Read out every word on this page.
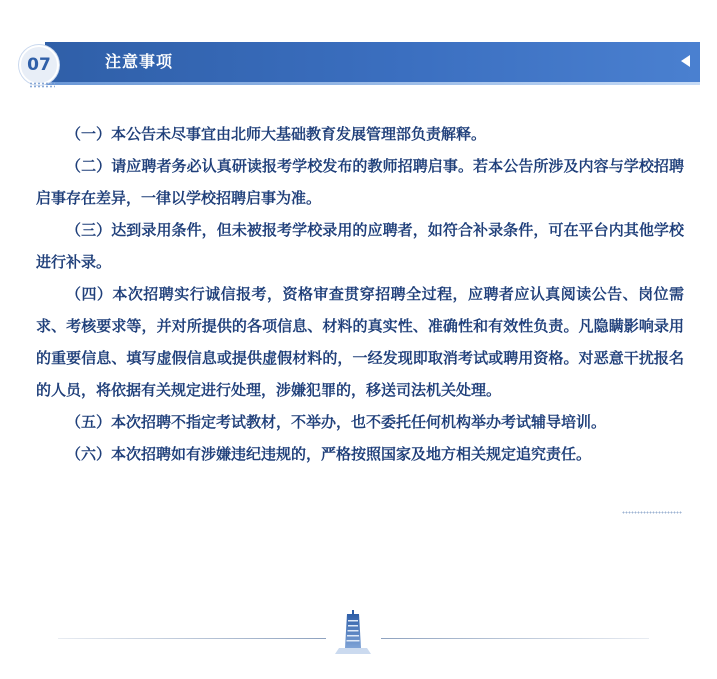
注意事项
07

（一）本公告未尽事宜由北师大基础教育发展管理部负责解释。

（二）请应聘者务必认真研读报考学校发布的教师招聘启事。若本公告所涉及内容与学校招聘启事存在差异，一律以学校招聘启事为准。

（三）达到录用条件，但未被报考学校录用的应聘者，如符合补录条件，可在平台内其他学校进行补录。

（四）本次招聘实行诚信报考，资格审查贯穿招聘全过程，应聘者应认真阅读公告、岗位需求、考核要求等，并对所提供的各项信息、材料的真实性、准确性和有效性负责。凡隐瞒影响录用的重要信息、填写虚假信息或提供虚假材料的，一经发现即取消考试或聘用资格。对恶意干扰报名的人员，将依据有关规定进行处理，涉嫌犯罪的，移送司法机关处理。

（五）本次招聘不指定考试教材，不举办，也不委托任何机构举办考试辅导培训。

（六）本次招聘如有涉嫌违纪违规的，严格按照国家及地方相关规定追究责任。
